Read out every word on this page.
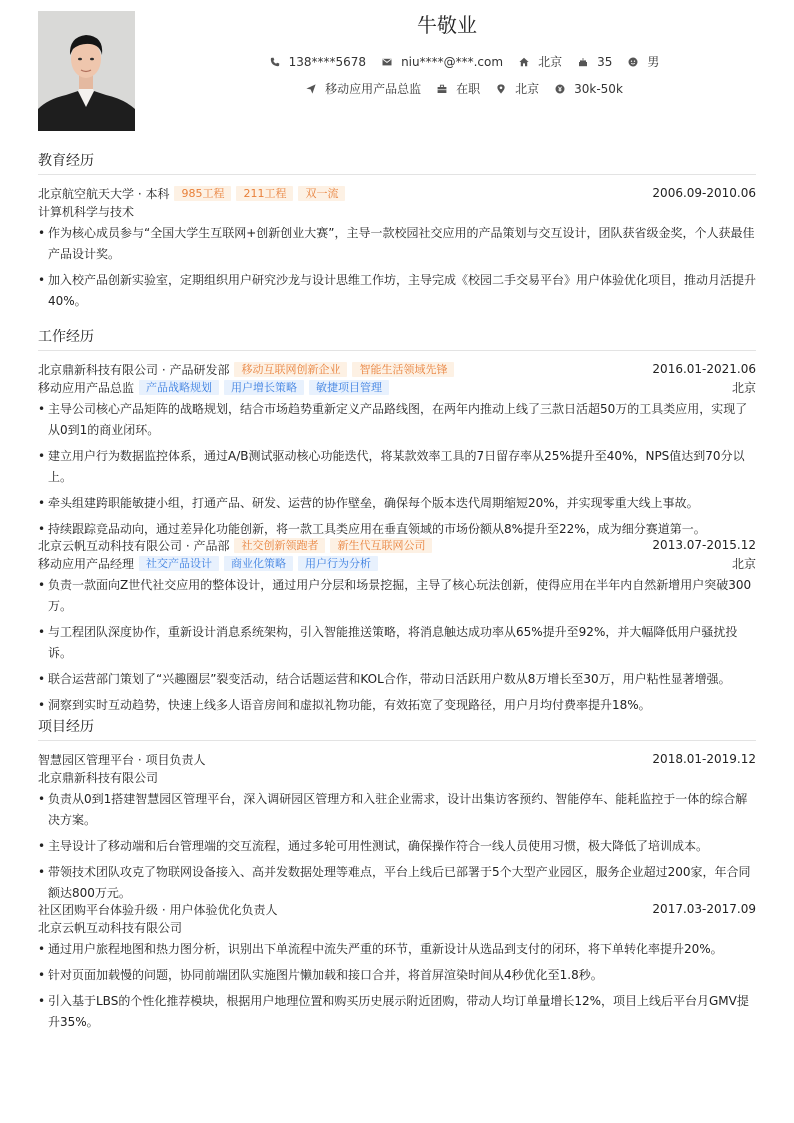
牛敬业
138****5678	niu****@***.com	北京	35	男
移动应用产品总监	在职	北京	30k-50k
教育经历
北京航空航天大学 · 本科	985工程	211工程	双一流	2006.09-2010.06
计算机科学与技术
• 作为核心成员参与“全国大学生互联网+创新创业大赛”，主导一款校园社交应用的产品策划与交互设计，团队获省级金奖，个人获最佳产品设计奖。
• 加入校产品创新实验室，定期组织用户研究沙龙与设计思维工作坊，主导完成《校园二手交易平台》用户体验优化项目，推动月活提升40%。
工作经历
北京鼎新科技有限公司 · 产品研发部	移动互联网创新企业	智能生活领域先锋	2016.01-2021.06
移动应用产品总监	产品战略规划	用户增长策略	敏捷项目管理	北京
• 主导公司核心产品矩阵的战略规划，结合市场趋势重新定义产品路线图，在两年内推动上线了三款日活超50万的工具类应用，实现了从0到1的商业闭环。
• 建立用户行为数据监控体系，通过A/B测试驱动核心功能迭代，将某款效率工具的7日留存率从25%提升至40%，NPS值达到70分以上。
• 牵头组建跨职能敏捷小组，打通产品、研发、运营的协作壁垒，确保每个版本迭代周期缩短20%，并实现零重大线上事故。
• 持续跟踪竞品动向，通过差异化功能创新，将一款工具类应用在垂直领域的市场份额从8%提升至22%，成为细分赛道第一。
北京云帆互动科技有限公司 · 产品部	社交创新领跑者	新生代互联网公司	2013.07-2015.12
移动应用产品经理	社交产品设计	商业化策略	用户行为分析	北京
• 负责一款面向Z世代社交应用的整体设计，通过用户分层和场景挖掘，主导了核心玩法创新，使得应用在半年内自然新增用户突破300万。
• 与工程团队深度协作，重新设计消息系统架构，引入智能推送策略，将消息触达成功率从65%提升至92%，并大幅降低用户骚扰投诉。
• 联合运营部门策划了“兴趣圈层”裂变活动，结合话题运营和KOL合作，带动日活跃用户数从8万增长至30万，用户粘性显著增强。
• 洞察到实时互动趋势，快速上线多人语音房间和虚拟礼物功能，有效拓宽了变现路径，用户月均付费率提升18%。
项目经历
智慧园区管理平台 · 项目负责人	2018.01-2019.12
北京鼎新科技有限公司
• 负责从0到1搭建智慧园区管理平台，深入调研园区管理方和入驻企业需求，设计出集访客预约、智能停车、能耗监控于一体的综合解决方案。
• 主导设计了移动端和后台管理端的交互流程，通过多轮可用性测试，确保操作符合一线人员使用习惯，极大降低了培训成本。
• 带领技术团队攻克了物联网设备接入、高并发数据处理等难点，平台上线后已部署于5个大型产业园区，服务企业超过200家，年合同额达800万元。
社区团购平台体验升级 · 用户体验优化负责人	2017.03-2017.09
北京云帆互动科技有限公司
• 通过用户旅程地图和热力图分析，识别出下单流程中流失严重的环节，重新设计从选品到支付的闭环，将下单转化率提升20%。
• 针对页面加载慢的问题，协同前端团队实施图片懒加载和接口合并，将首屏渲染时间从4秒优化至1.8秒。
• 引入基于LBS的个性化推荐模块，根据用户地理位置和购买历史展示附近团购，带动人均订单量增长12%，项目上线后平台月GMV提升35%。
